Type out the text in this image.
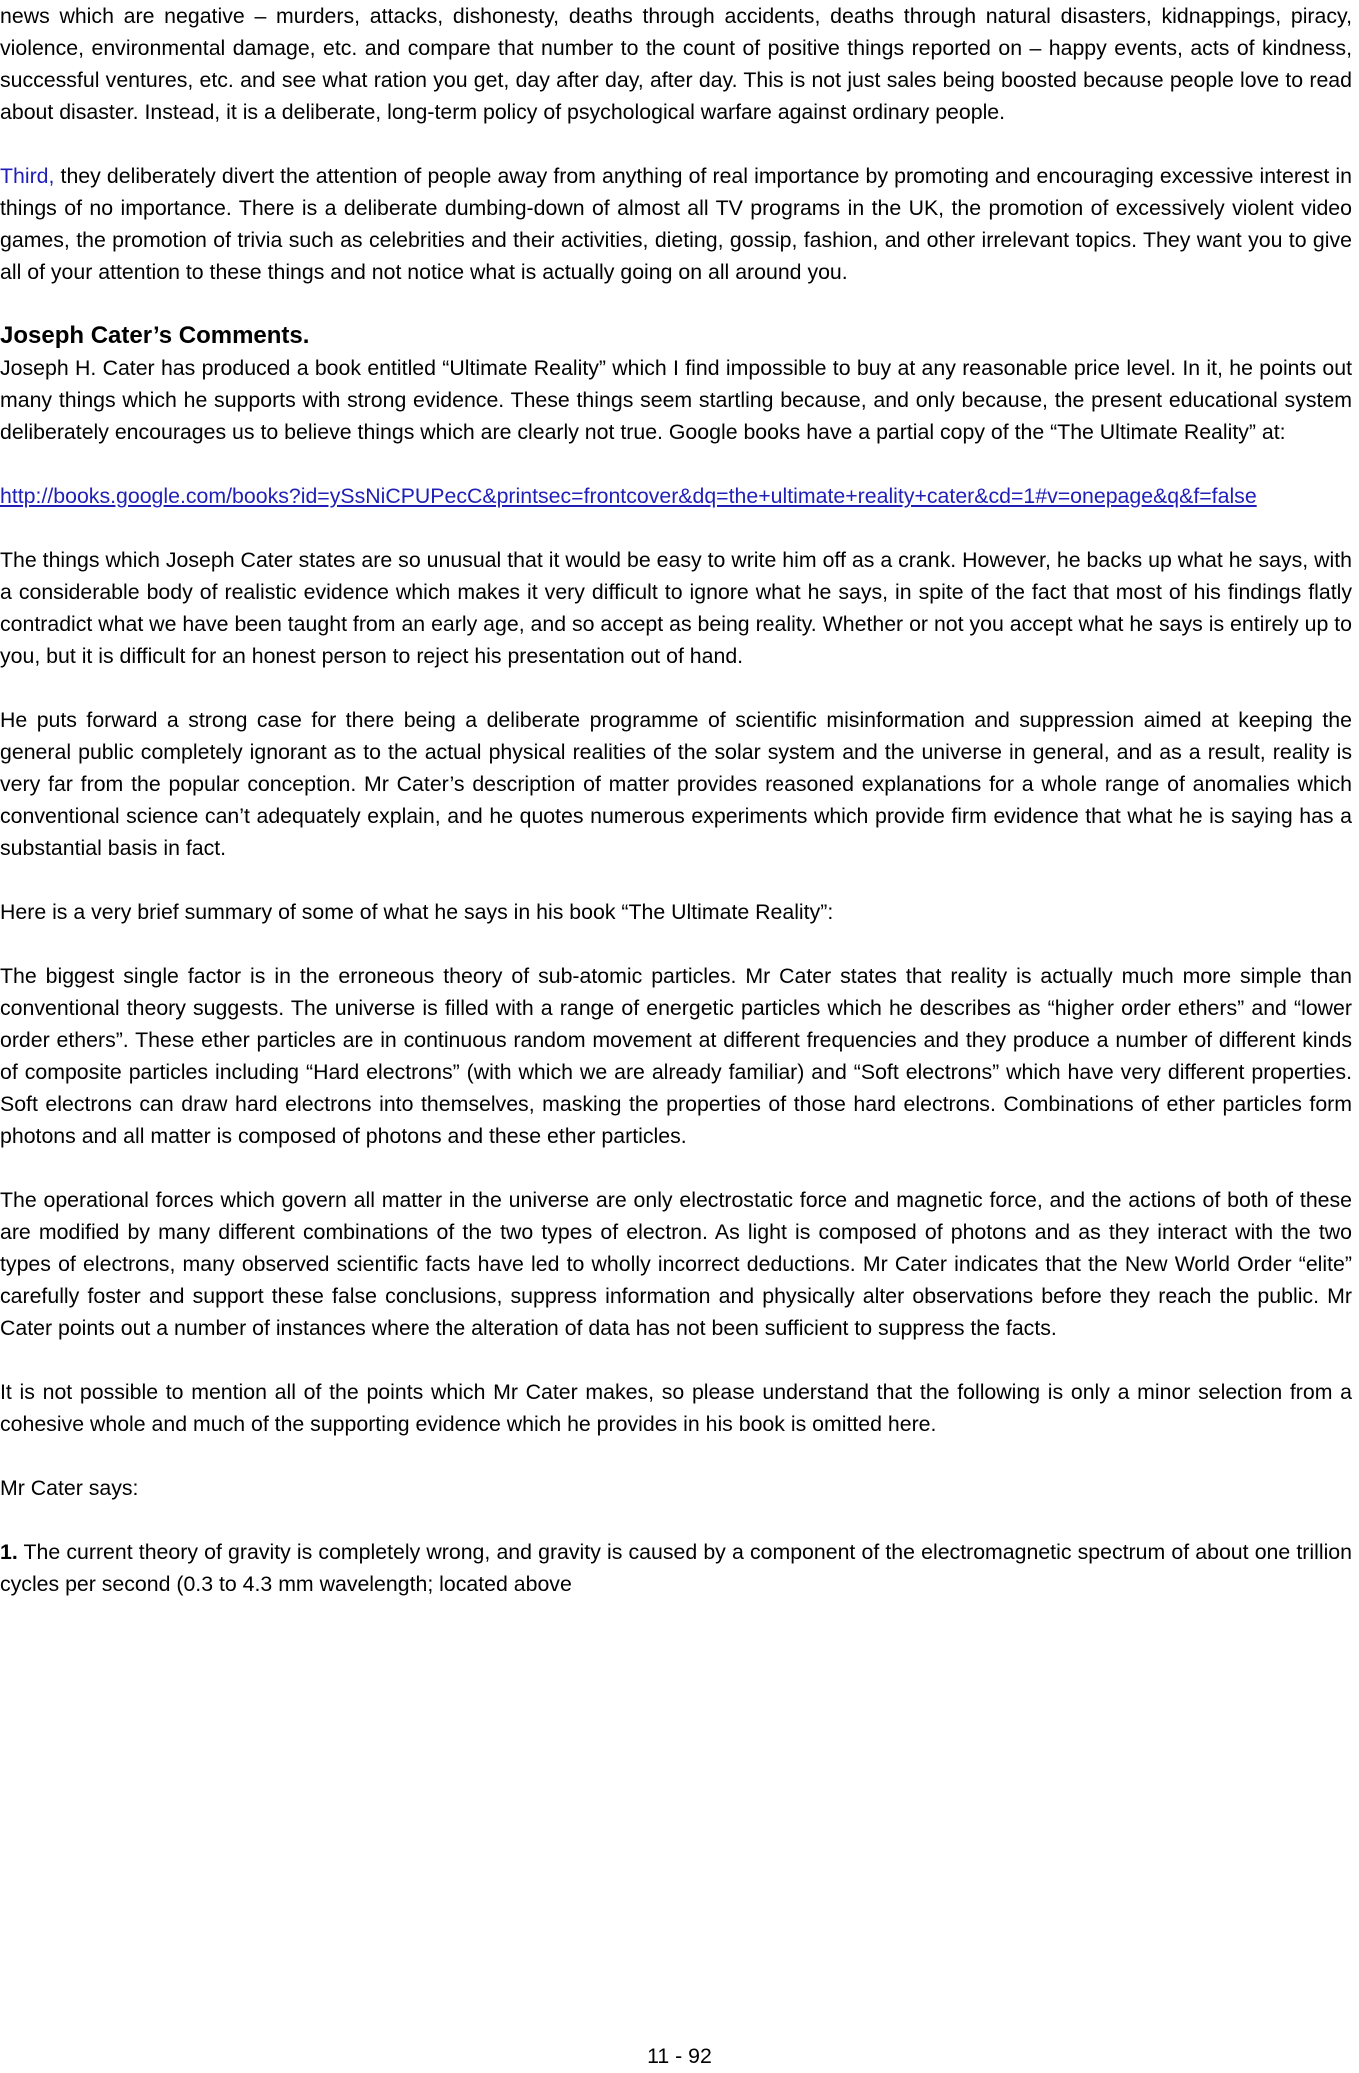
news which are negative – murders, attacks, dishonesty, deaths through accidents, deaths through natural disasters, kidnappings, piracy, violence, environmental damage, etc. and compare that number to the count of positive things reported on – happy events, acts of kindness, successful ventures, etc. and see what ration you get, day after day, after day. This is not just sales being boosted because people love to read about disaster. Instead, it is a deliberate, long-term policy of psychological warfare against ordinary people.

Third, they deliberately divert the attention of people away from anything of real importance by promoting and encouraging excessive interest in things of no importance. There is a deliberate dumbing-down of almost all TV programs in the UK, the promotion of excessively violent video games, the promotion of trivia such as celebrities and their activities, dieting, gossip, fashion, and other irrelevant topics. They want you to give all of your attention to these things and not notice what is actually going on all around you.

Joseph Cater’s Comments.

Joseph H. Cater has produced a book entitled “Ultimate Reality” which I find impossible to buy at any reasonable price level. In it, he points out many things which he supports with strong evidence. These things seem startling because, and only because, the present educational system deliberately encourages us to believe things which are clearly not true. Google books have a partial copy of the “The Ultimate Reality” at:

http://books.google.com/books?id=ySsNiCPUPecC&printsec=frontcover&dq=the+ultimate+reality+cater&cd=1#v=onepage&q&f=false

The things which Joseph Cater states are so unusual that it would be easy to write him off as a crank. However, he backs up what he says, with a considerable body of realistic evidence which makes it very difficult to ignore what he says, in spite of the fact that most of his findings flatly contradict what we have been taught from an early age, and so accept as being reality. Whether or not you accept what he says is entirely up to you, but it is difficult for an honest person to reject his presentation out of hand.

He puts forward a strong case for there being a deliberate programme of scientific misinformation and suppression aimed at keeping the general public completely ignorant as to the actual physical realities of the solar system and the universe in general, and as a result, reality is very far from the popular conception. Mr Cater’s description of matter provides reasoned explanations for a whole range of anomalies which conventional science can’t adequately explain, and he quotes numerous experiments which provide firm evidence that what he is saying has a substantial basis in fact.

Here is a very brief summary of some of what he says in his book “The Ultimate Reality”:

The biggest single factor is in the erroneous theory of sub-atomic particles. Mr Cater states that reality is actually much more simple than conventional theory suggests. The universe is filled with a range of energetic particles which he describes as “higher order ethers” and “lower order ethers”. These ether particles are in continuous random movement at different frequencies and they produce a number of different kinds of composite particles including “Hard electrons” (with which we are already familiar) and “Soft electrons” which have very different properties. Soft electrons can draw hard electrons into themselves, masking the properties of those hard electrons. Combinations of ether particles form photons and all matter is composed of photons and these ether particles.

The operational forces which govern all matter in the universe are only electrostatic force and magnetic force, and the actions of both of these are modified by many different combinations of the two types of electron. As light is composed of photons and as they interact with the two types of electrons, many observed scientific facts have led to wholly incorrect deductions. Mr Cater indicates that the New World Order “elite” carefully foster and support these false conclusions, suppress information and physically alter observations before they reach the public. Mr Cater points out a number of instances where the alteration of data has not been sufficient to suppress the facts.

It is not possible to mention all of the points which Mr Cater makes, so please understand that the following is only a minor selection from a cohesive whole and much of the supporting evidence which he provides in his book is omitted here.

Mr Cater says:

1. The current theory of gravity is completely wrong, and gravity is caused by a component of the electromagnetic spectrum of about one trillion cycles per second (0.3 to 4.3 mm wavelength; located above

11 - 92
